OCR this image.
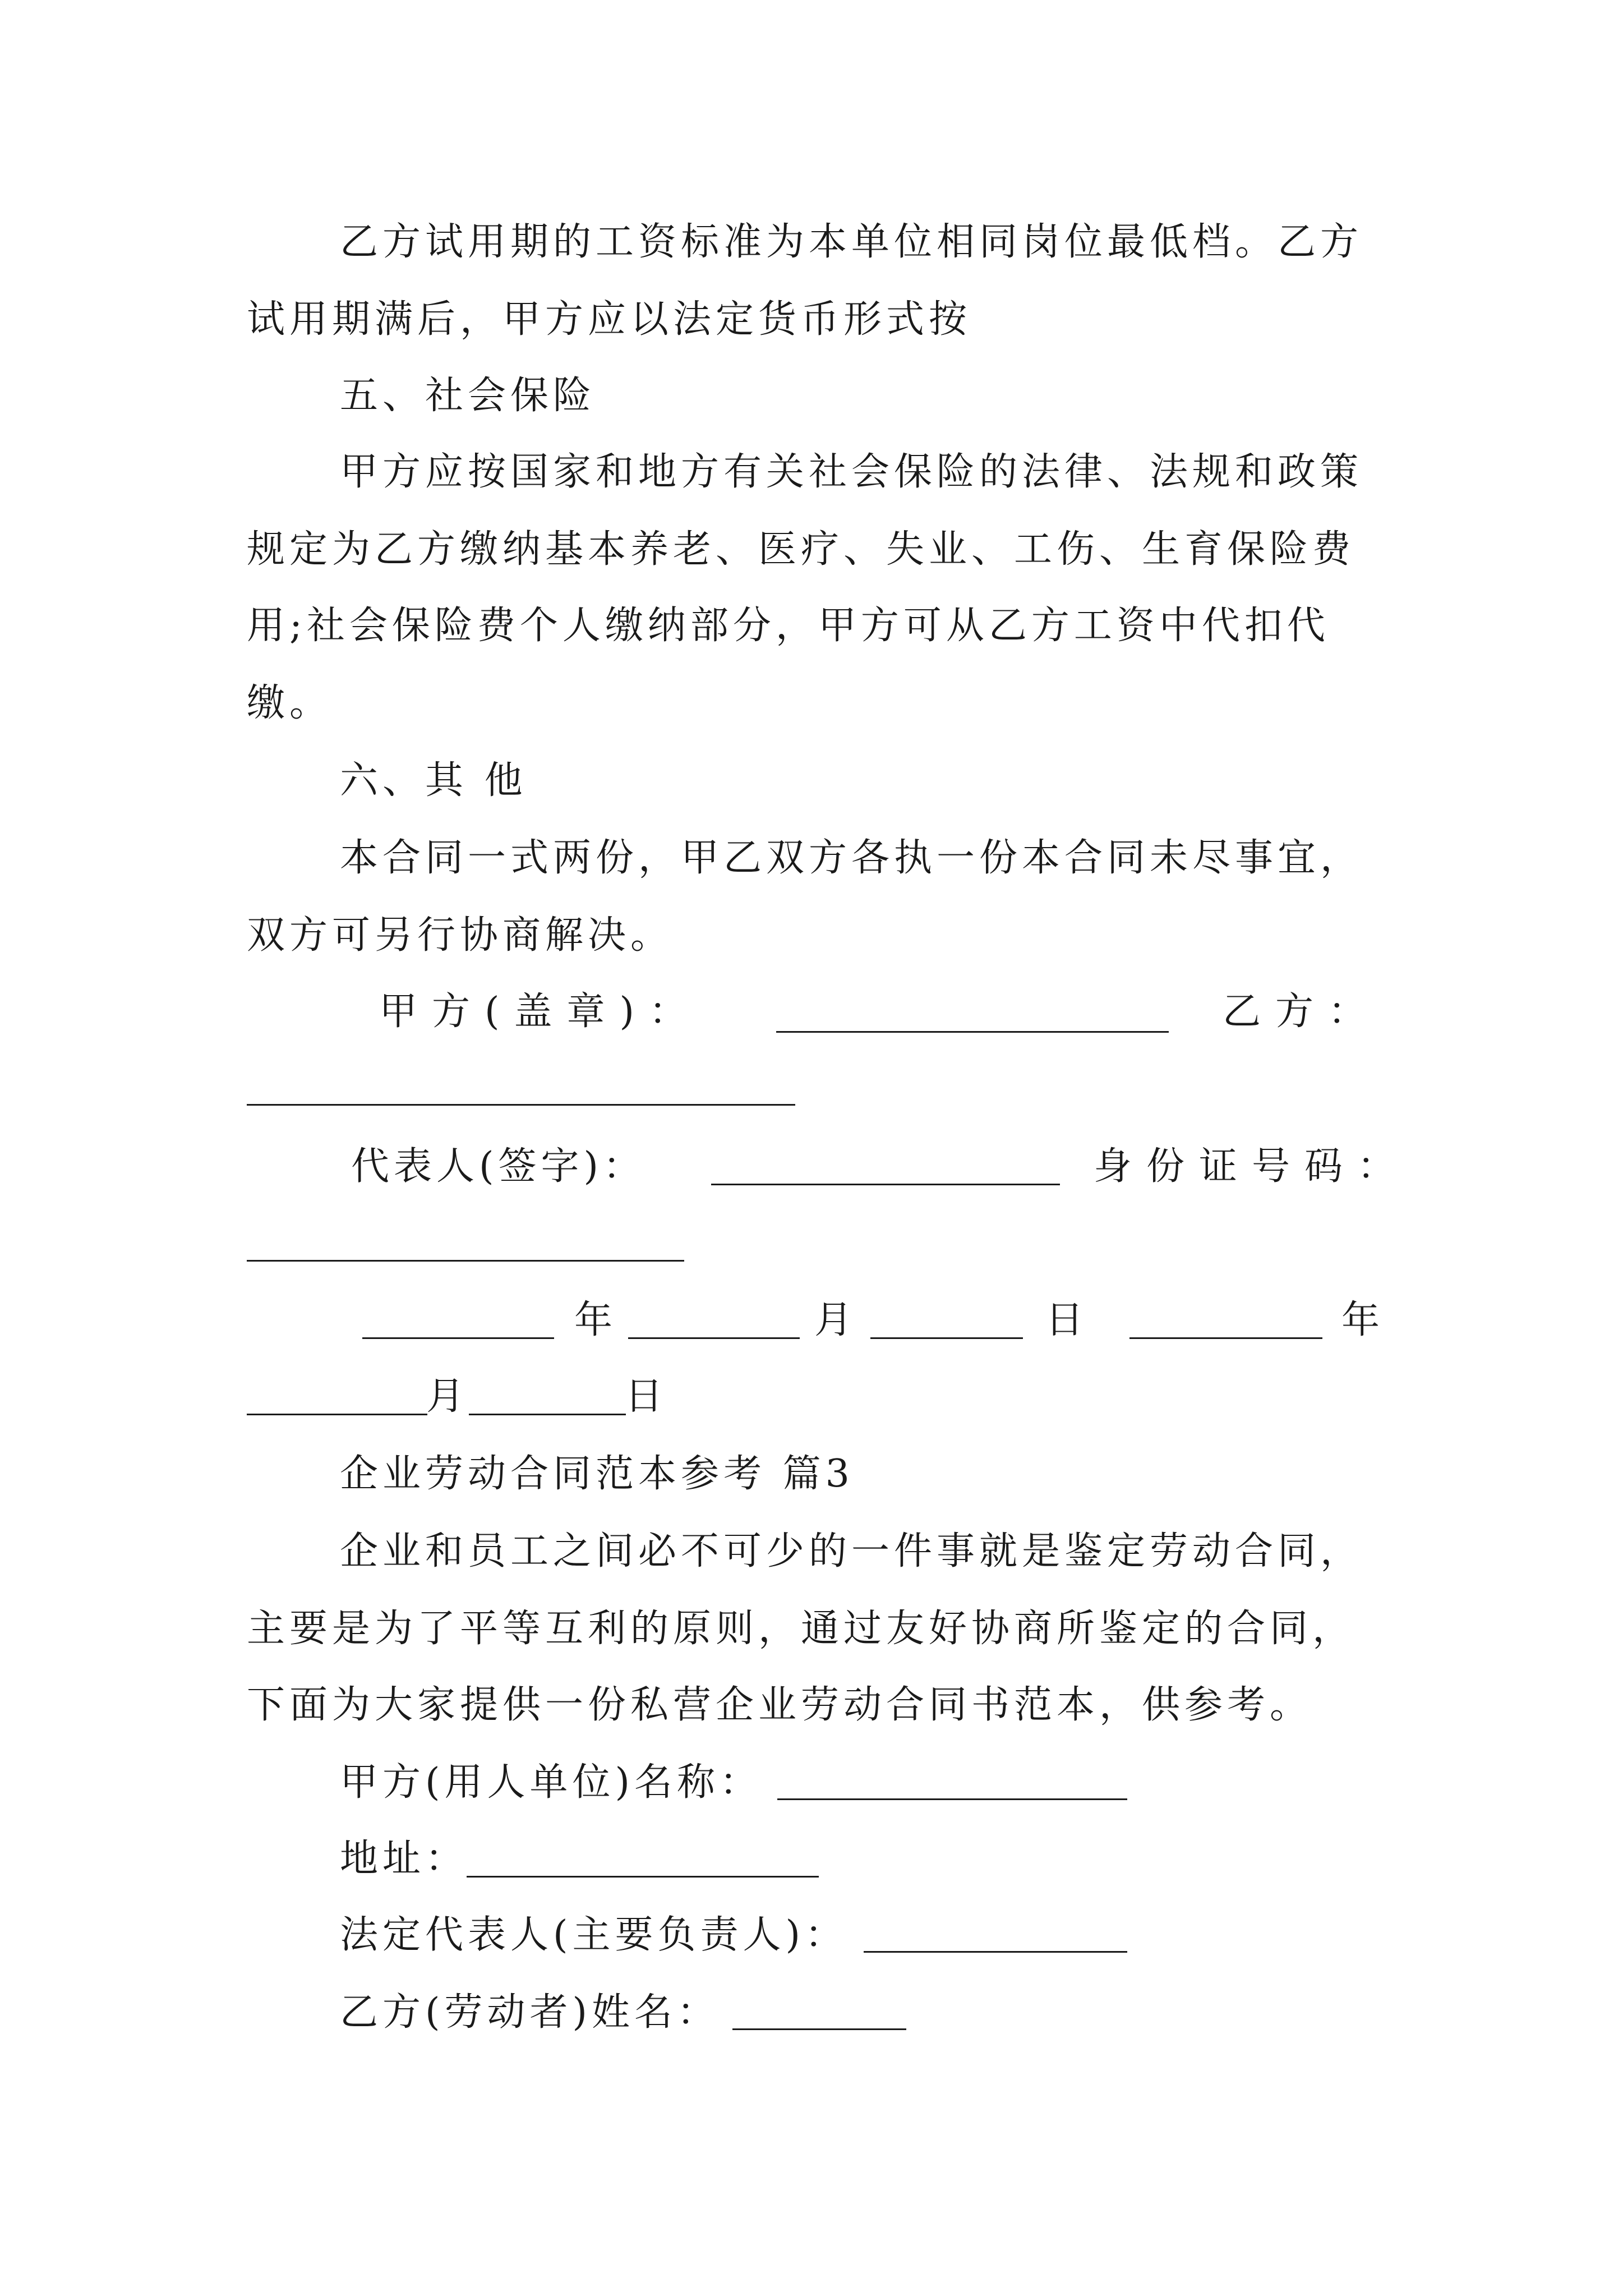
乙方试用期的工资标准为本单位相同岗位最低档。乙方
试用期满后，甲方应以法定货币形式按
五、社会保险
甲方应按国家和地方有关社会保险的法律、法规和政策
规定为乙方缴纳基本养老、医疗、失业、工伤、生育保险费
用;社会保险费个人缴纳部分，甲方可从乙方工资中代扣代
缴。
六、其 他
本合同一式两份，甲乙双方各执一份本合同未尽事宜，
双方可另行协商解决。
甲方(盖章)：	乙方：
代表人(签字)：	身份证号码：
年	月	日	年
月	日
企业劳动合同范本参考 篇3
企业和员工之间必不可少的一件事就是鉴定劳动合同，
主要是为了平等互利的原则，通过友好协商所鉴定的合同，
下面为大家提供一份私营企业劳动合同书范本，供参考。
甲方(用人单位)名称：
地址：
法定代表人(主要负责人)：
乙方(劳动者)姓名：
